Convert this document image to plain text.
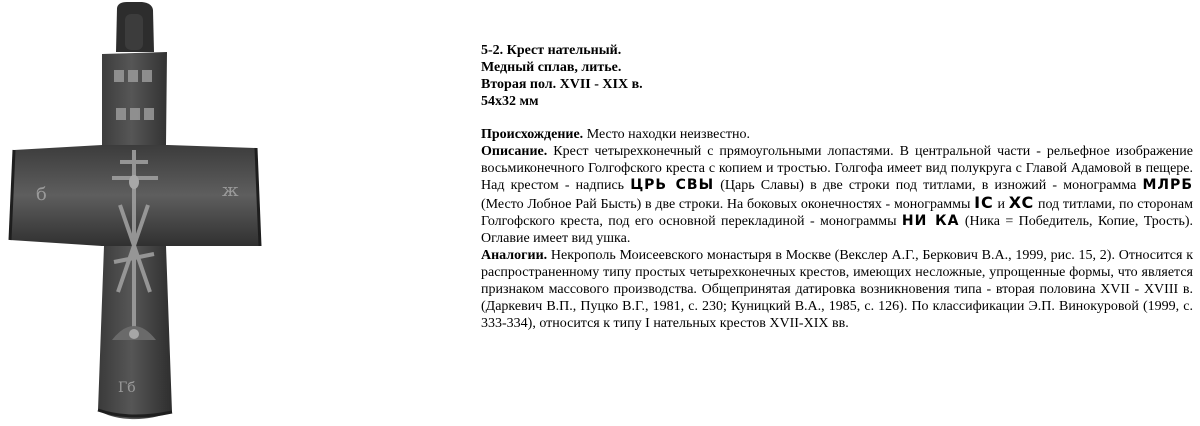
б	ж
Гб
5-2. Крест нательный.
Медный сплав, литье.
Вторая пол. XVII - XIX в.
54х32 мм
Происхождение. Место находки неизвестно.
Описание. Крест четырехконечный с прямоугольными лопастями. В центральной части - рельефное изображение восьмиконечного Голгофского креста с копием и тростью. Голгофа имеет вид полукруга с Главой Адамовой в пещере. Над крестом - надпись ЦРЬ СВЫ (Царь Славы) в две строки под титлами, в изножий - монограмма МЛРБ (Место Лобное Рай Бысть) в две строки. На боковых оконечностях - монограммы IC и XC под титлами, по сторонам Голгофского креста, под его основной перекладиной - монограммы НИ КА (Ника = Победитель, Копие, Трость). Оглавие имеет вид ушка.
Аналогии. Некрополь Моисеевского монастыря в Москве (Векслер А.Г., Беркович В.А., 1999, рис. 15, 2). Относится к распространенному типу простых четырехконечных крестов, имеющих несложные, упрощенные формы, что является признаком массового производства. Общепринятая датировка возникновения типа - вторая половина XVII - XVIII в. (Даркевич В.П., Пуцко В.Г., 1981, с. 230; Куницкий В.А., 1985, с. 126). По классификации Э.П. Винокуровой (1999, с. 333-334), относится к типу I нательных крестов XVII-XIX вв.
